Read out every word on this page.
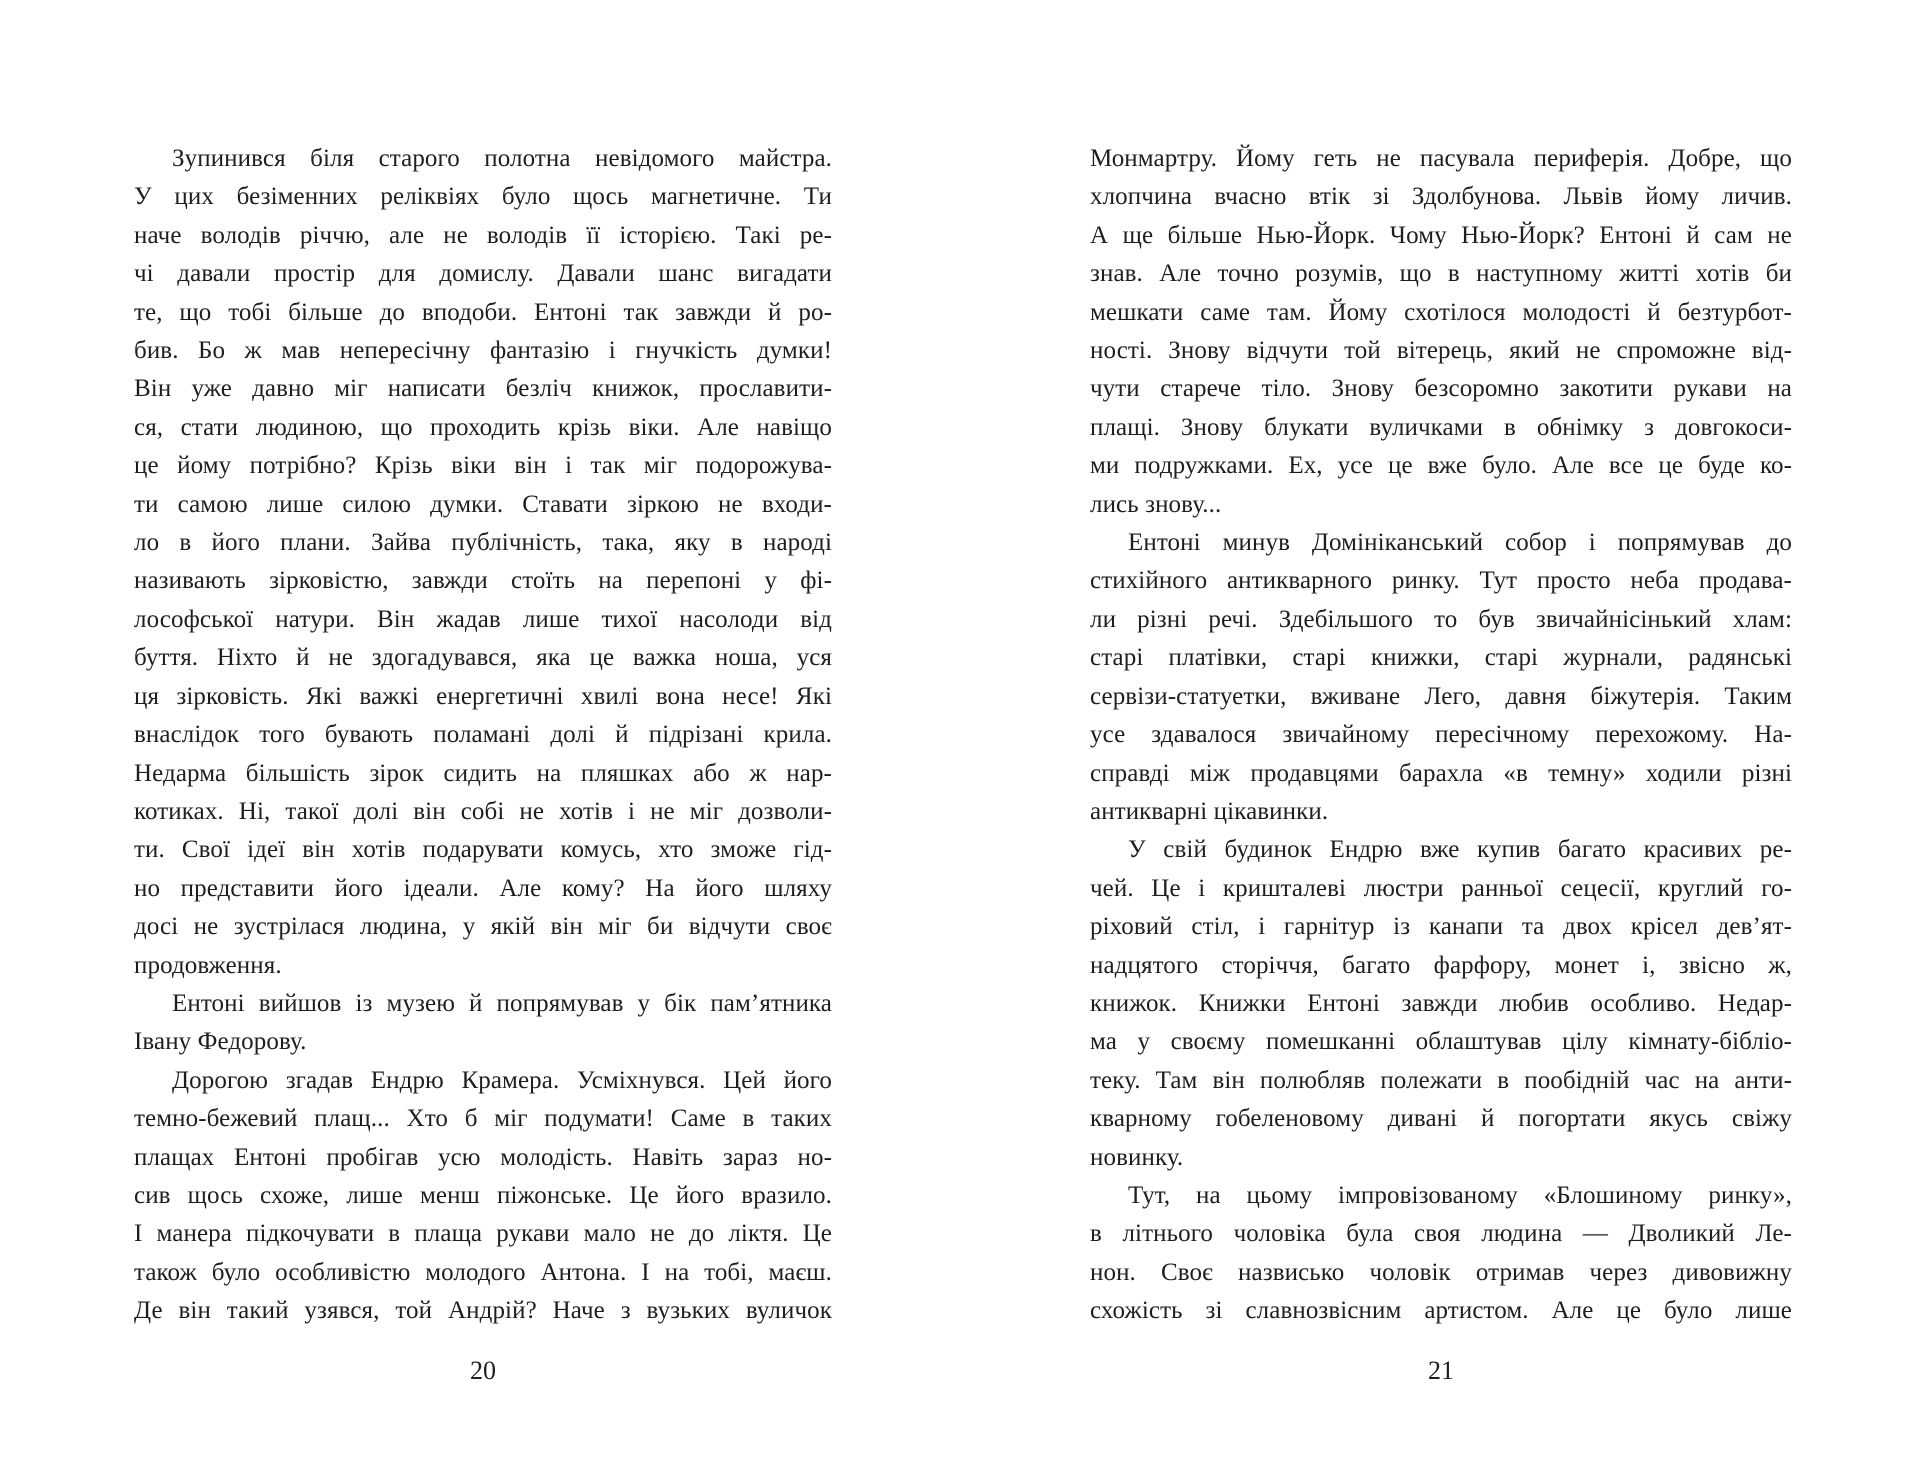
Зупинився біля старого полотна невідомого майстра.
У цих безіменних реліквіях було щось магнетичне. Ти
наче володів річчю, але не володів її історією. Такі ре-
чі давали простір для домислу. Давали шанс вигадати
те, що тобі більше до вподоби. Ентоні так завжди й ро-
бив. Бо ж мав непересічну фантазію і гнучкість думки!
Він уже давно міг написати безліч книжок, прославити-
ся, стати людиною, що проходить крізь віки. Але навіщо
це йому потрібно? Крізь віки він і так міг подорожува-
ти самою лише силою думки. Ставати зіркою не входи-
ло в його плани. Зайва публічність, така, яку в народі
називають зірковістю, завжди стоїть на перепоні у фі-
лософської натури. Він жадав лише тихої насолоди від
буття. Ніхто й не здогадувався, яка це важка ноша, уся
ця зірковість. Які важкі енергетичні хвилі вона несе! Які
внаслідок того бувають поламані долі й підрізані крила.
Недарма більшість зірок сидить на пляшках або ж нар-
котиках. Ні, такої долі він собі не хотів і не міг дозволи-
ти. Свої ідеї він хотів подарувати комусь, хто зможе гід-
но представити його ідеали. Але кому? На його шляху
досі не зустрілася людина, у якій він міг би відчути своє
продовження.
Ентоні вийшов із музею й попрямував у бік пам’ятника
Івану Федорову.
Дорогою згадав Ендрю Крамера. Усміхнувся. Цей його
темно-бежевий плащ... Хто б міг подумати! Саме в таких
плащах Ентоні пробігав усю молодість. Навіть зараз но-
сив щось схоже, лише менш піжонське. Це його вразило.
І манера підкочувати в плаща рукави мало не до ліктя. Це
також було особливістю молодого Антона. І на тобі, маєш.
Де він такий узявся, той Андрій? Наче з вузьких вуличок
Монмартру. Йому геть не пасувала периферія. Добре, що
хлопчина вчасно втік зі Здолбунова. Львів йому личив.
А ще більше Нью-Йорк. Чому Нью-Йорк? Ентоні й сам не
знав. Але точно розумів, що в наступному житті хотів би
мешкати саме там. Йому схотілося молодості й безтурбот-
ності. Знову відчути той вітерець, який не спроможне від-
чути старече тіло. Знову безсоромно закотити рукави на
плащі. Знову блукати вуличками в обнімку з довгокоси-
ми подружками. Ех, усе це вже було. Але все це буде ко-
лись знову...
Ентоні минув Домініканський собор і попрямував до
стихійного антикварного ринку. Тут просто неба продава-
ли різні речі. Здебільшого то був звичайнісінький хлам:
старі платівки, старі книжки, старі журнали, радянські
сервізи-статуетки, вживане Лего, давня біжутерія. Таким
усе здавалося звичайному пересічному перехожому. На-
справді між продавцями барахла «в темну» ходили різні
антикварні цікавинки.
У свій будинок Ендрю вже купив багато красивих ре-
чей. Це і кришталеві люстри ранньої сецесії, круглий го-
ріховий стіл, і гарнітур із канапи та двох крісел дев’ят-
надцятого сторіччя, багато фарфору, монет і, звісно ж,
книжок. Книжки Ентоні завжди любив особливо. Недар-
ма у своєму помешканні облаштував цілу кімнату-бібліо-
теку. Там він полюбляв полежати в пообідній час на анти-
кварному гобеленовому дивані й погортати якусь свіжу
новинку.
Тут, на цьому імпровізованому «Блошиному ринку»,
в літнього чоловіка була своя людина — Дволикий Ле-
нон. Своє назвисько чоловік отримав через дивовижну
схожість зі славнозвісним артистом. Але це було лише
20	21
